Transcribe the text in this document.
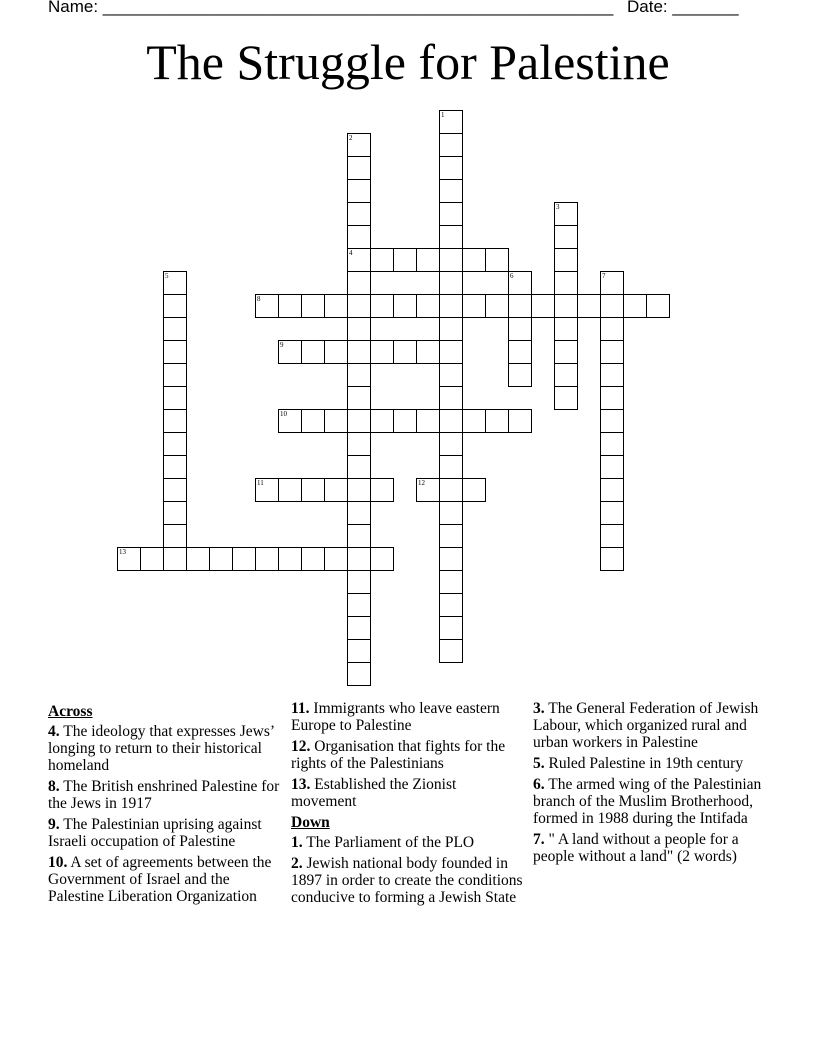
Name: ______________________________________________________ Date: _______
The Struggle for Palestine
1
2
4
3
5	6	7
8
9
10
11	12
13
Across
4. The ideology that expresses Jews’ longing to return to their historical homeland
8. The British enshrined Palestine for the Jews in 1917
9. The Palestinian uprising against Israeli occupation of Palestine
10. A set of agreements between the Government of Israel and the Palestine Liberation Organization
11. Immigrants who leave eastern Europe to Palestine
12. Organisation that fights for the rights of the Palestinians
13. Established the Zionist movement
Down
1. The Parliament of the PLO
2. Jewish national body founded in 1897 in order to create the conditions conducive to forming a Jewish State
3. The General Federation of Jewish Labour, which organized rural and urban workers in Palestine
5. Ruled Palestine in 19th century
6. The armed wing of the Palestinian branch of the Muslim Brotherhood, formed in 1988 during the Intifada
7. " A land without a people for a people without a land" (2 words)
